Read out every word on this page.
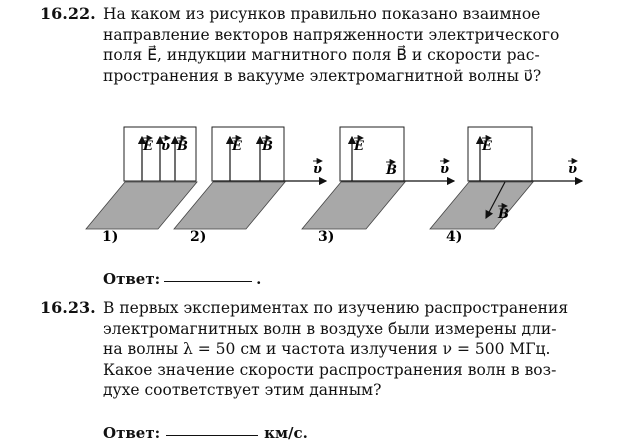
16.22. На каком из рисунков правильно показано взаимное
направление векторов напряженности электрического
поля E⃗, индукции магнитного поля B⃗ и скорости рас-
пространения в вакууме электромагнитной волны υ⃗?
E υ B
1)
E B
υ
2)
E
B	υ
3)
E
υ
B
4)
Ответ:	.
16.23. В первых экспериментах по изучению распространения
электромагнитных волн в воздухе были измерены дли-
на волны λ = 50 см и частота излучения ν = 500 МГц.
Какое значение скорости распространения волн в воз-
духе соответствует этим данным?
Ответ:	км/с.
